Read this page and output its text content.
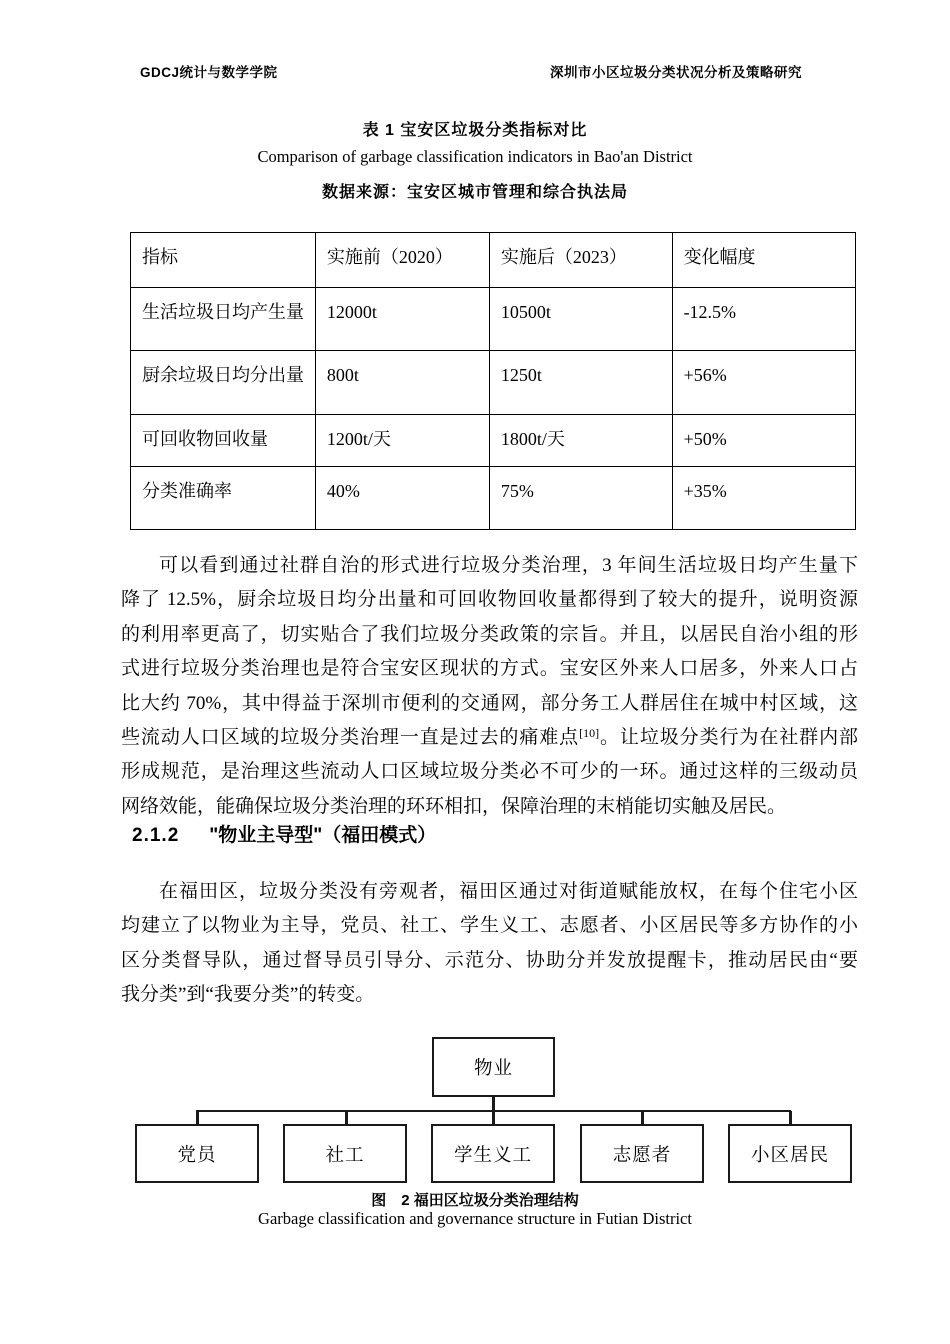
GDCJ统计与数学学院	深圳市小区垃圾分类状况分析及策略研究
表 1 宝安区垃圾分类指标对比
Comparison of garbage classification indicators in Bao'an District
数据来源：宝安区城市管理和综合执法局
指标	实施前（2020）	实施后（2023）	变化幅度
生活垃圾日均产生量	12000t	10500t	-12.5%
厨余垃圾日均分出量	800t	1250t	+56%
可回收物回收量	1200t/天	1800t/天	+50%
分类准确率	40%	75%	+35%
可以看到通过社群自治的形式进行垃圾分类治理，3 年间生活垃圾日均产生量下
降了 12.5%，厨余垃圾日均分出量和可回收物回收量都得到了较大的提升，说明资源
的利用率更高了，切实贴合了我们垃圾分类政策的宗旨。并且，以居民自治小组的形
式进行垃圾分类治理也是符合宝安区现状的方式。宝安区外来人口居多，外来人口占
比大约 70%，其中得益于深圳市便利的交通网，部分务工人群居住在城中村区域，这
些流动人口区域的垃圾分类治理一直是过去的痛难点[10]。让垃圾分类行为在社群内部
形成规范，是治理这些流动人口区域垃圾分类必不可少的一环。通过这样的三级动员
网络效能，能确保垃圾分类治理的环环相扣，保障治理的末梢能切实触及居民。
2.1.2 "物业主导型"（福田模式）
在福田区，垃圾分类没有旁观者，福田区通过对街道赋能放权，在每个住宅小区
均建立了以物业为主导，党员、社工、学生义工、志愿者、小区居民等多方协作的小
区分类督导队，通过督导员引导分、示范分、协助分并发放提醒卡，推动居民由“要
我分类”到“我要分类”的转变。
物业
党员	社工	学生义工	志愿者	小区居民
图　2 福田区垃圾分类治理结构
Garbage classification and governance structure in Futian District
